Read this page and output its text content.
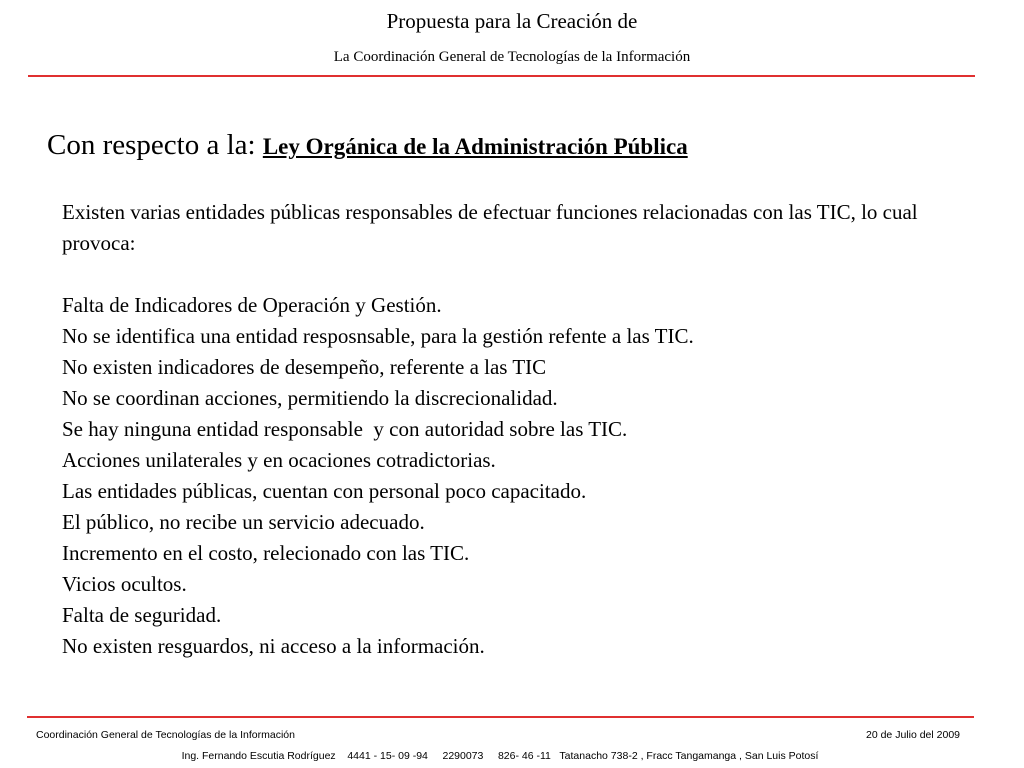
Propuesta para la Creación de
La Coordinación General de Tecnologías de la Información
Con respecto a la: Ley Orgánica de la Administración Pública

Existen varias entidades públicas responsables de efectuar funciones relacionadas con las TIC, lo cual provoca:

Falta de Indicadores de Operación y Gestión.
No se identifica una entidad resposnsable, para la gestión refente a las TIC.
No existen indicadores de desempeño, referente a las TIC
No se coordinan acciones, permitiendo la discrecionalidad.
Se hay ninguna entidad responsable  y con autoridad sobre las TIC.
Acciones unilaterales y en ocaciones cotradictorias.
Las entidades públicas, cuentan con personal poco capacitado.
El público, no recibe un servicio adecuado.
Incremento en el costo, relecionado con las TIC.
Vicios ocultos.
Falta de seguridad.
No existen resguardos, ni acceso a la información.
Coordinación General de Tecnologías de la Información	20 de Julio del 2009
Ing. Fernando Escutia Rodríguez    4441 - 15- 09 -94     2290073     826- 46 -11   Tatanacho 738-2 , Fracc Tangamanga , San Luis Potosí
